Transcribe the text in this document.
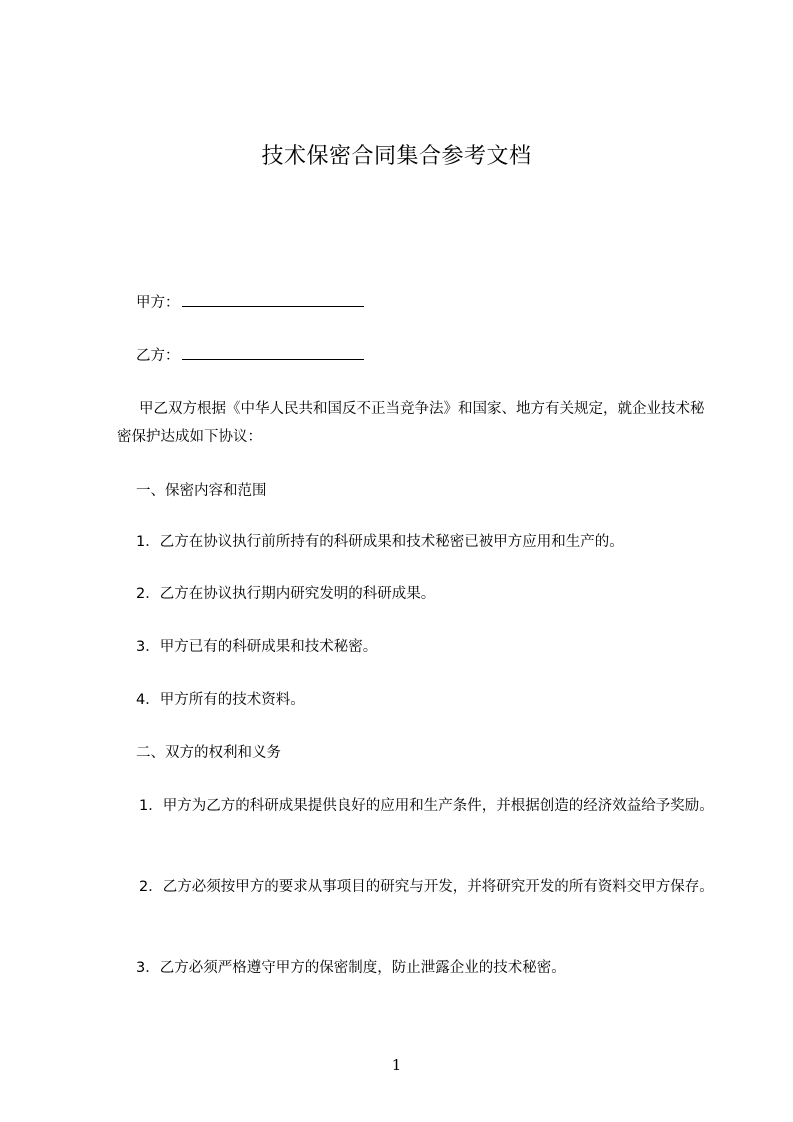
技术保密合同集合参考文档
甲方：
乙方：
甲乙双方根据《中华人民共和国反不正当竞争法》和国家、地方有关规定，就企业技术秘密保护达成如下协议：
一、保密内容和范围
1．乙方在协议执行前所持有的科研成果和技术秘密已被甲方应用和生产的。
2．乙方在协议执行期内研究发明的科研成果。
3．甲方已有的科研成果和技术秘密。
4．甲方所有的技术资料。
二、双方的权利和义务
1．甲方为乙方的科研成果提供良好的应用和生产条件，并根据创造的经济效益给予奖励。
2．乙方必须按甲方的要求从事项目的研究与开发，并将研究开发的所有资料交甲方保存。
3．乙方必须严格遵守甲方的保密制度，防止泄露企业的技术秘密。
1
